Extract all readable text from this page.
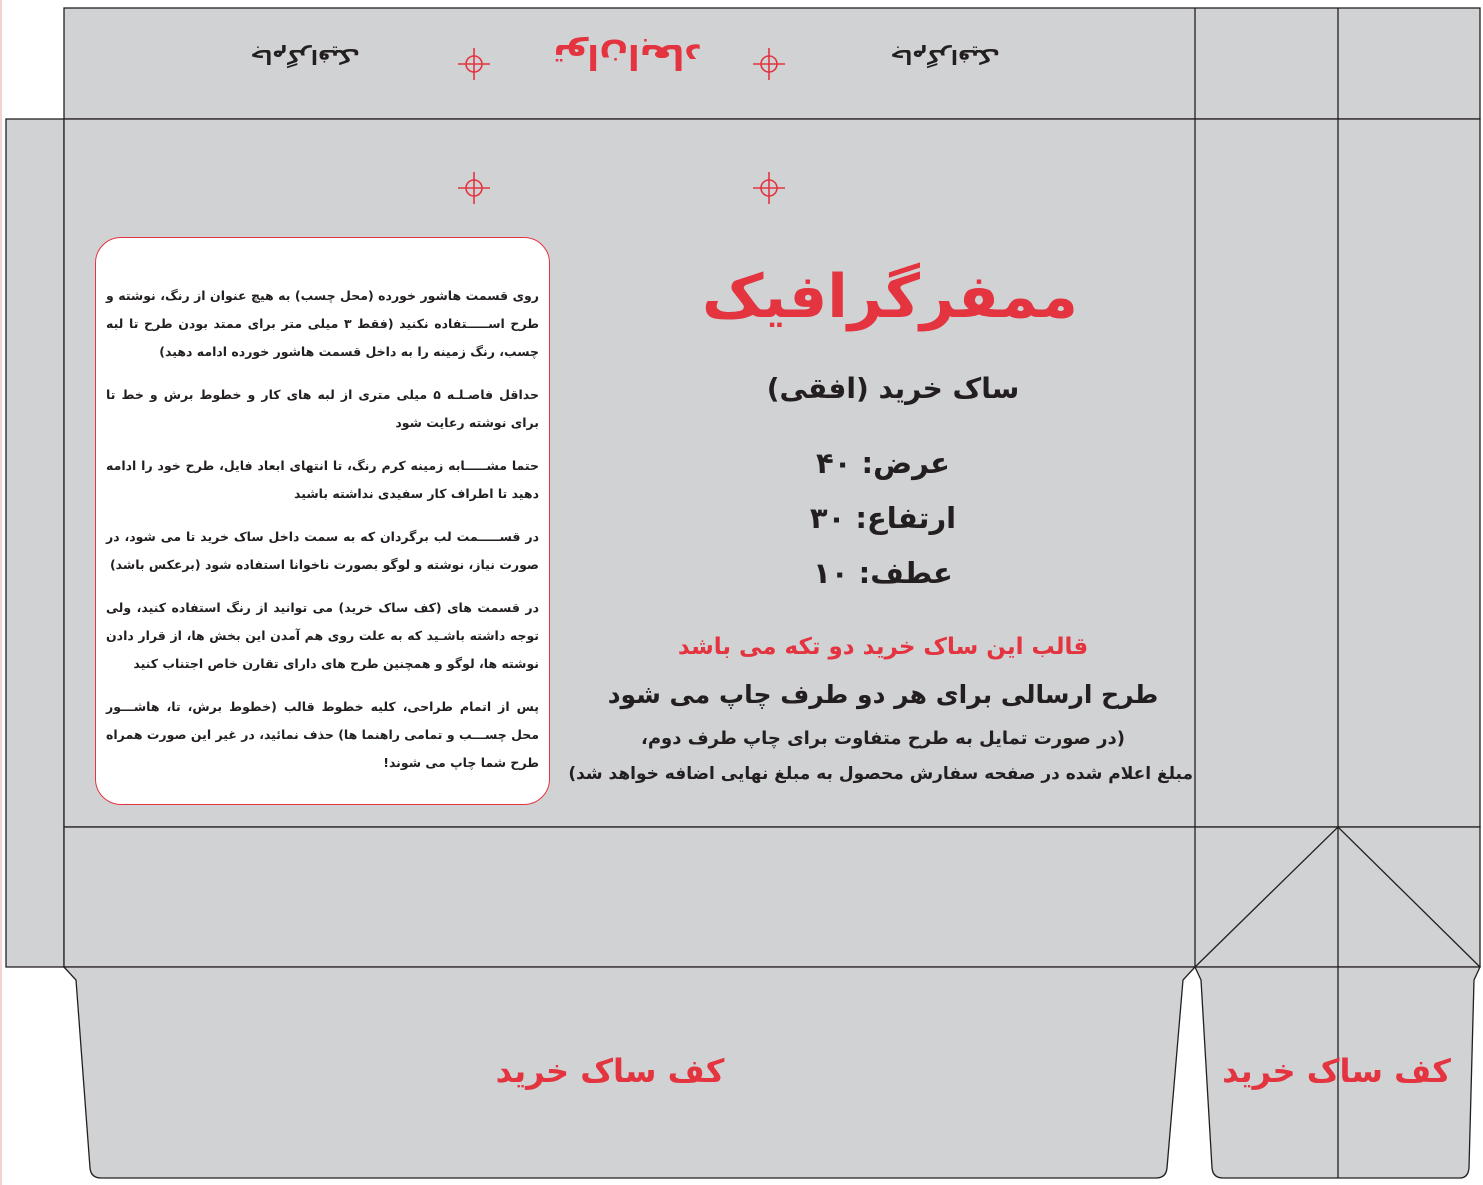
جام‌گرافیک	توان‌ابعاد	جام‌گرافیک

روی قسمت هاشور خورده (محل چسب) به هیچ عنوان از رنگ، نوشته و طرح اســـــتفاده نکنید (فقط ۳ میلی متر برای ممتد بودن طرح تا لبه چسب، رنگ زمینه را به داخل قسمت هاشور خورده ادامه دهید)

حداقل فاصـلـه ۵ میلی متری از لبه های کار و خطوط برش و خط تا برای نوشته رعایت شود

حتما مشـــــابه زمینه کرم رنگ، تا انتهای ابعاد فایل، طرح خود را ادامه دهید تا اطراف کار سفیدی نداشته باشید

در قســـــمت لب برگردان که به سمت داخل ساک خرید تا می شود، در صورت نیاز، نوشته و لوگو بصورت ناخوانا استفاده شود (برعکس باشد)

در قسمت های (کف ساک خرید) می توانید از رنگ استفاده کنید، ولی توجه داشته باشـید که به علت روی هم آمدن این بخش ها، از قرار دادن نوشته ها، لوگو و همچنین طرح های دارای تقارن خاص اجتناب کنید

پس از اتمام طراحی، کلیه خطوط قالب (خطوط برش، تا، هاشـــور محل چســـب و تمامی راهنما ها) حذف نمائید، در غیر این صورت همراه طرح شما چاپ می شوند!

ممفرگرافیک
ساک خرید (افقی)
عرض: ۴۰
ارتفاع: ۳۰
عطف: ۱۰
قالب این ساک خرید دو تکه می باشد
طرح ارسالی برای هر دو طرف چاپ می شود
(در صورت تمایل به طرح متفاوت برای چاپ طرف دوم،
مبلغ اعلام شده در صفحه سفارش محصول به مبلغ نهایی اضافه خواهد شد)
کف ساک خرید	کف ساک خرید
